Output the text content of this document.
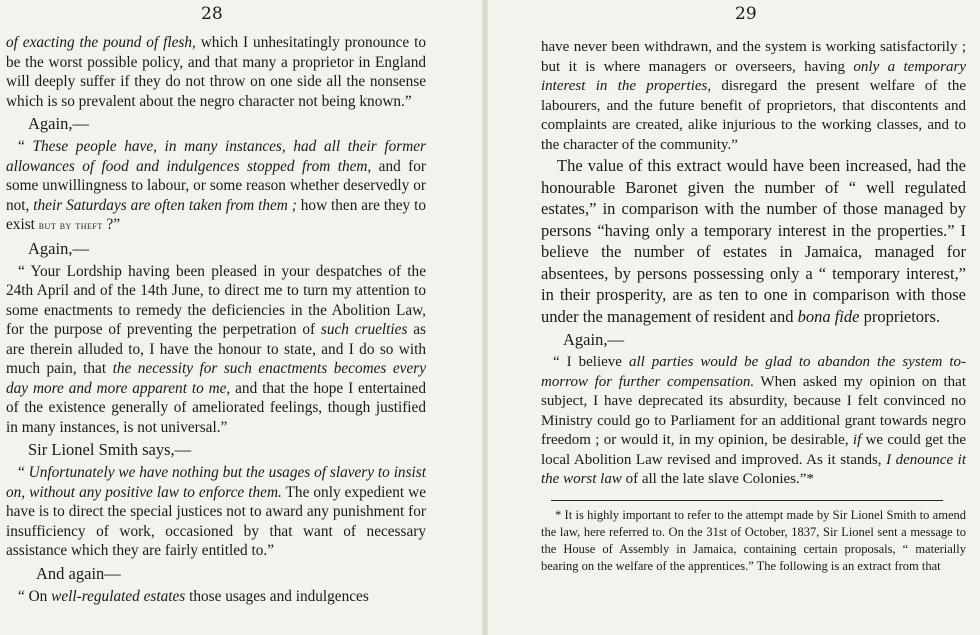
28

of exacting the pound of flesh, which I unhesitatingly pronounce to be the worst possible policy, and that many a proprietor in England will deeply suffer if they do not throw on one side all the nonsense which is so prevalent about the negro character not being known.”

Again,—

“ These people have, in many instances, had all their former allowances of food and indulgences stopped from them, and for some unwillingness to labour, or some reason whether deservedly or not, their Saturdays are often taken from them ; how then are they to exist but by theft ?”

Again,—

“ Your Lordship having been pleased in your despatches of the 24th April and of the 14th June, to direct me to turn my attention to some enactments to remedy the deficiencies in the Abolition Law, for the purpose of preventing the perpetration of such cruelties as are therein alluded to, I have the honour to state, and I do so with much pain, that the necessity for such enactments becomes every day more and more apparent to me, and that the hope I entertained of the existence generally of ameliorated feelings, though justified in many instances, is not universal.”

Sir Lionel Smith says,—

“ Unfortunately we have nothing but the usages of slavery to insist on, without any positive law to enforce them. The only expedient we have is to direct the special justices not to award any punishment for insufficiency of work, occasioned by that want of necessary assistance which they are fairly entitled to.”

And again—

“ On well-regulated estates those usages and indulgences

29

have never been withdrawn, and the system is working satisfactorily ; but it is where managers or overseers, having only a temporary interest in the properties, disregard the present welfare of the labourers, and the future benefit of proprietors, that discontents and complaints are created, alike injurious to the working classes, and to the character of the community.”

The value of this extract would have been increased, had the honourable Baronet given the number of “ well regulated estates,” in comparison with the number of those managed by persons “having only a temporary interest in the properties.” I believe the number of estates in Jamaica, managed for absentees, by persons possessing only a “ temporary interest,” in their prosperity, are as ten to one in comparison with those under the management of resident and bona fide proprietors.

Again,—

“ I believe all parties would be glad to abandon the system to-morrow for further compensation. When asked my opinion on that subject, I have deprecated its absurdity, because I felt convinced no Ministry could go to Parliament for an additional grant towards negro freedom ; or would it, in my opinion, be desirable, if we could get the local Abolition Law revised and improved. As it stands, I denounce it the worst law of all the late slave Colonies.”*

* It is highly important to refer to the attempt made by Sir Lionel Smith to amend the law, here referred to. On the 31st of October, 1837, Sir Lionel sent a message to the House of Assembly in Jamaica, containing certain proposals, “ materially bearing on the welfare of the apprentices.” The following is an extract from that
